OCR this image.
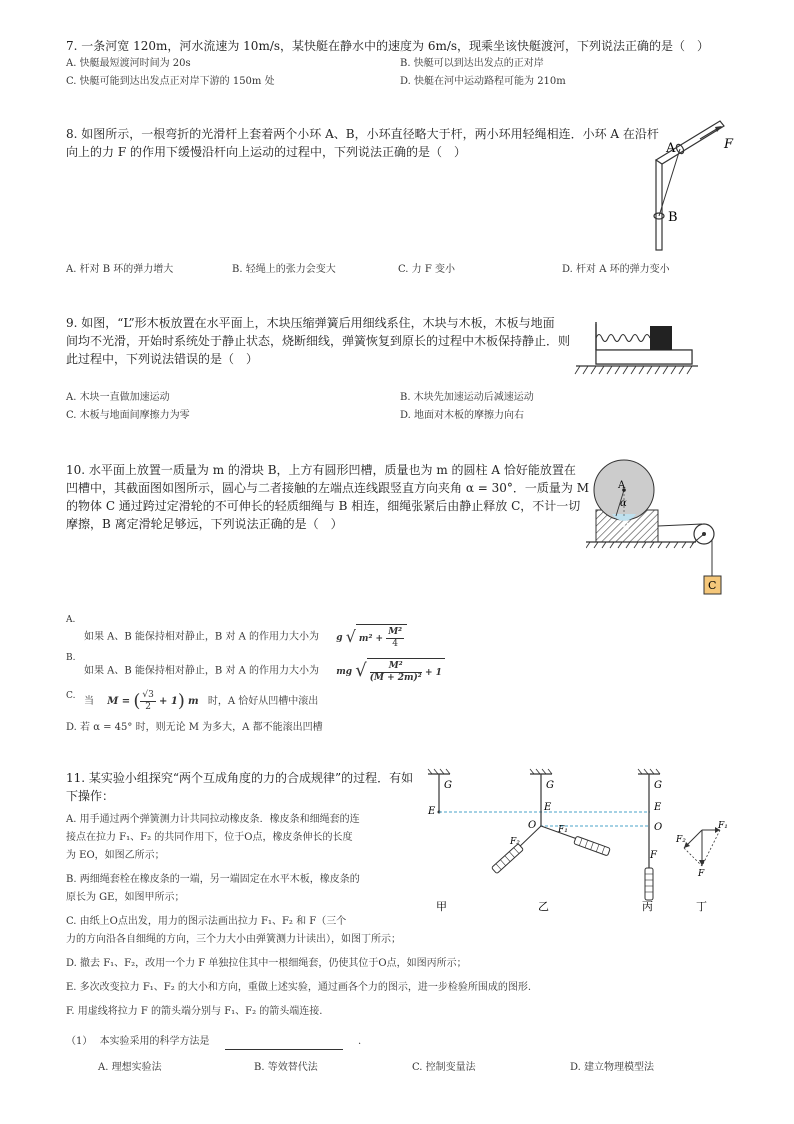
7. 一条河宽 120m，河水流速为 10m/s，某快艇在静水中的速度为 6m/s，现乘坐该快艇渡河，下列说法正确的是（　）
A. 快艇最短渡河时间为 20s	B. 快艇可以到达出发点的正对岸
C. 快艇可能到达出发点正对岸下游的 150m 处	D. 快艇在河中运动路程可能为 210m
8. 如图所示，一根弯折的光滑杆上套着两个小环 A、B，小环直径略大于杆，两小环用轻绳相连．小环 A 在沿杆
向上的力 F 的作用下缓慢沿杆向上运动的过程中，下列说法正确的是（　）	A
B
F
A. 杆对 B 环的弹力增大	B. 轻绳上的张力会变大	C. 力 F 变小	D. 杆对 A 环的弹力变小
9. 如图，“L”形木板放置在水平面上，木块压缩弹簧后用细线系住，木块与木板，木板与地面
间均不光滑，开始时系统处于静止状态，烧断细线，弹簧恢复到原长的过程中木板保持静止．则
此过程中，下列说法错误的是（　）
A. 木块一直做加速运动	B. 木块先加速运动后减速运动
C. 木板与地面间摩擦力为零	D. 地面对木板的摩擦力向右
10. 水平面上放置一质量为 m 的滑块 B，上方有圆形凹槽，质量也为 m 的圆柱 A 恰好能放置在
凹槽中，其截面图如图所示，圆心与二者接触的左端点连线跟竖直方向夹角 α = 30°．一质量为 M
的物体 C 通过跨过定滑轮的不可伸长的轻质细绳与 B 相连，细绳张紧后由静止释放 C，不计一切
摩擦，B 离定滑轮足够远，下列说法正确的是（　）
A
α
B
C
A.
如果 A、B 能保持相对静止，B 对 A 的作用力大小为 g √ $m^2 + \frac{\text{M²}}{4}$
B.
如果 A、B 能保持相对静止，B 对 A 的作用力大小为 mg √ $\frac{\text{M²}}{\text{(M + 2m)²}} + 1$
C. 当 M = ( $\frac{√3}{2} + 1$) m 时，A 恰好从凹槽中滚出
D. 若 α = 45° 时，则无论 M 为多大，A 都不能滚出凹槽
11. 某实验小组探究“两个互成角度的力的合成规律”的过程．有如
下操作：
A. 用手通过两个弹簧测力计共同拉动橡皮条．橡皮条和细绳套的连
接点在拉力 F₁、F₂ 的共同作用下，位于O点，橡皮条伸长的长度
为 EO，如图乙所示；
B. 两细绳套栓在橡皮条的一端，另一端固定在水平木板，橡皮条的
原长为 GE，如图甲所示；
C. 由纸上O点出发，用力的图示法画出拉力 F₁、F₂ 和 F（三个
力的方向沿各自细绳的方向，三个力大小由弹簧测力计读出），如图丁所示；
D. 撤去 F₁、F₂，改用一个力 F 单独拉住其中一根细绳套，仍使其位于O点，如图丙所示；
E. 多次改变拉力 F₁、F₂ 的大小和方向，重做上述实验，通过画各个力的图示，进一步检验所围成的图形.
F. 用虚线将拉力 F 的箭头端分别与 F₁、F₂ 的箭头端连接.
G
E
G
E
O
F₂
F₁
G
E
O
F
F₁
F₂
F
甲	乙	丙	丁
（1） 本实验采用的科学方法是	.
A. 理想实验法	B. 等效替代法	C. 控制变量法	D. 建立物理模型法
